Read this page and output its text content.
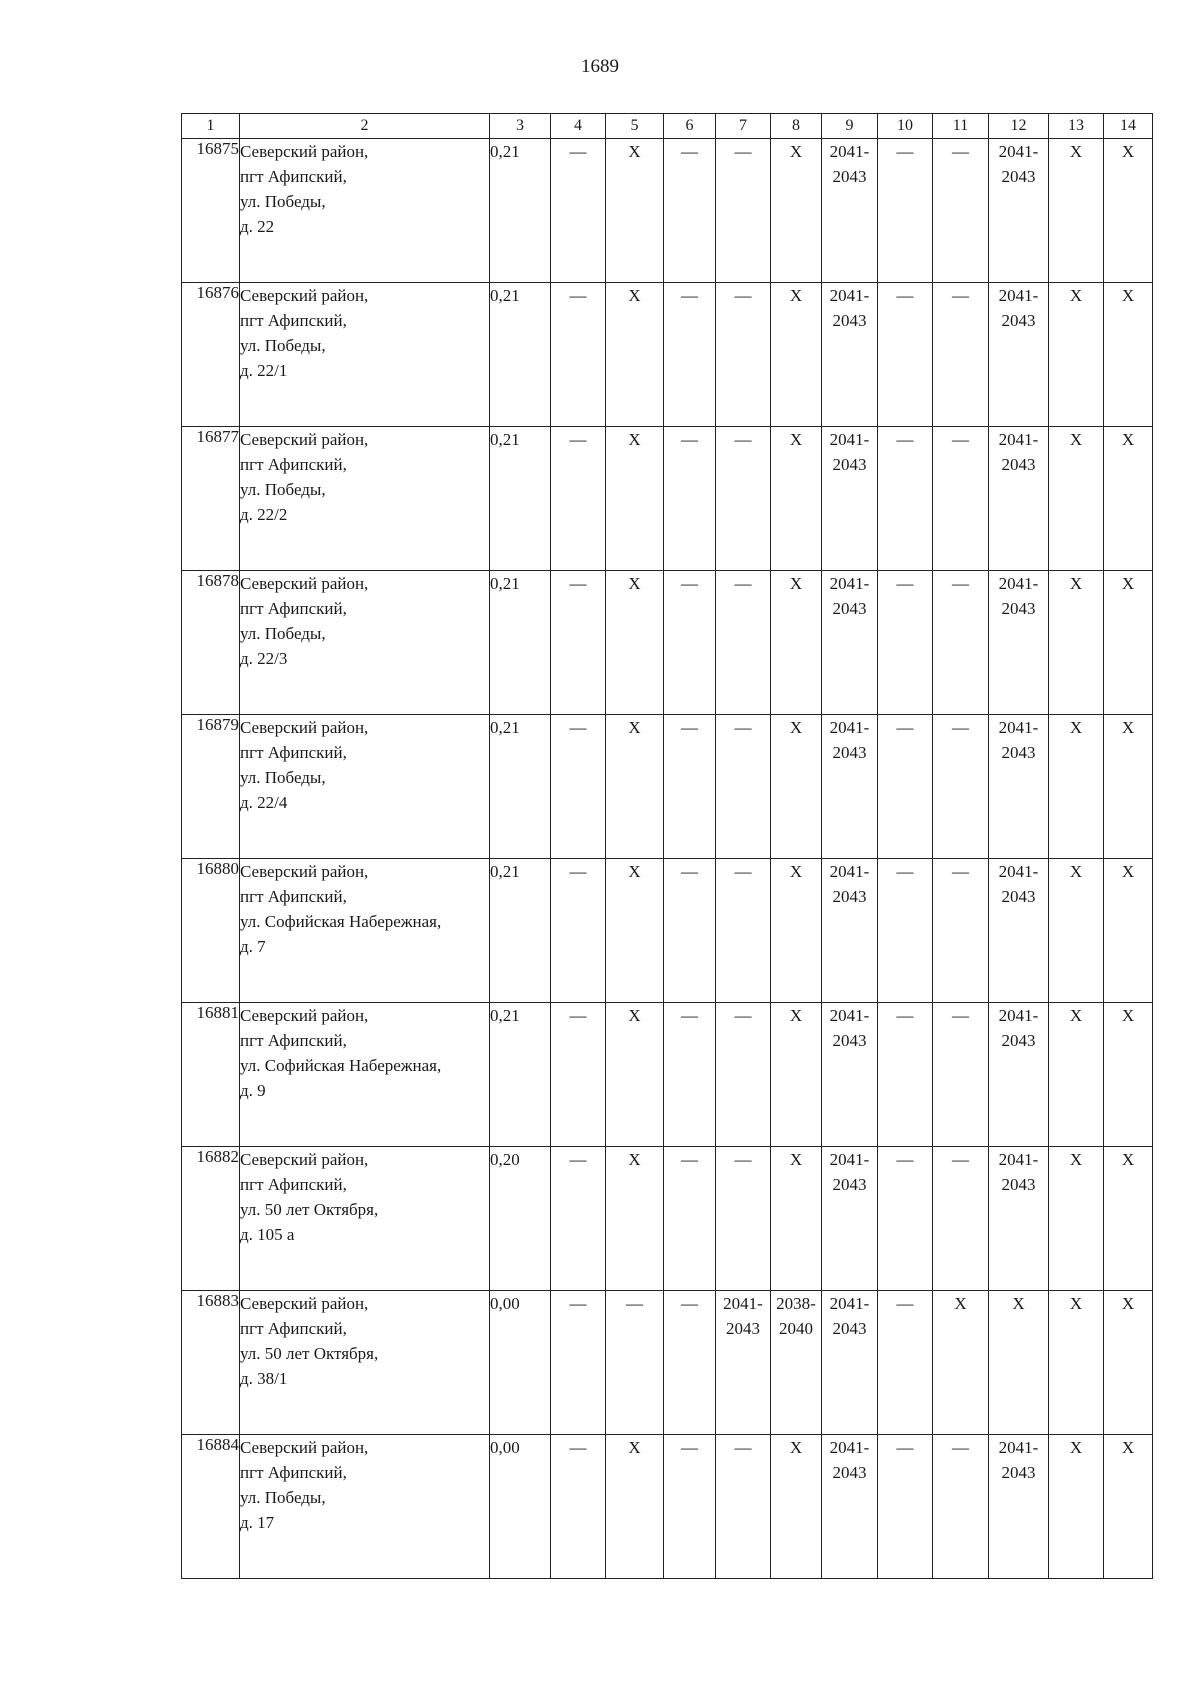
1689
1	2	3	4	5	6	7	8	9	10	11	12	13	14
16875	Северский район,
пгт Афипский,
ул. Победы,
д. 22	0,21	—	X	—	—	X	2041-
2043	—	—	2041-
2043	X	X

16876	Северский район,
пгт Афипский,
ул. Победы,
д. 22/1	0,21	—	X	—	—	X	2041-
2043	—	—	2041-
2043	X	X

16877	Северский район,
пгт Афипский,
ул. Победы,
д. 22/2	0,21	—	X	—	—	X	2041-
2043	—	—	2041-
2043	X	X

16878	Северский район,
пгт Афипский,
ул. Победы,
д. 22/3	0,21	—	X	—	—	X	2041-
2043	—	—	2041-
2043	X	X

16879	Северский район,
пгт Афипский,
ул. Победы,
д. 22/4	0,21	—	X	—	—	X	2041-
2043	—	—	2041-
2043	X	X

16880	Северский район,
пгт Афипский,
ул. Софийская Набережная,
д. 7	0,21	—	X	—	—	X	2041-
2043	—	—	2041-
2043	X	X

16881	Северский район,
пгт Афипский,
ул. Софийская Набережная,
д. 9	0,21	—	X	—	—	X	2041-
2043	—	—	2041-
2043	X	X

16882	Северский район,
пгт Афипский,
ул. 50 лет Октября,
д. 105 а	0,20	—	X	—	—	X	2041-
2043	—	—	2041-
2043	X	X

16883	Северский район,
пгт Афипский,
ул. 50 лет Октября,
д. 38/1	0,00	—	—	—	2041-
2043	2038-
2040	2041-
2043	—	X	X	X	X

16884	Северский район,
пгт Афипский,
ул. Победы,
д. 17	0,00	—	X	—	—	X	2041-
2043	—	—	2041-
2043	X	X
